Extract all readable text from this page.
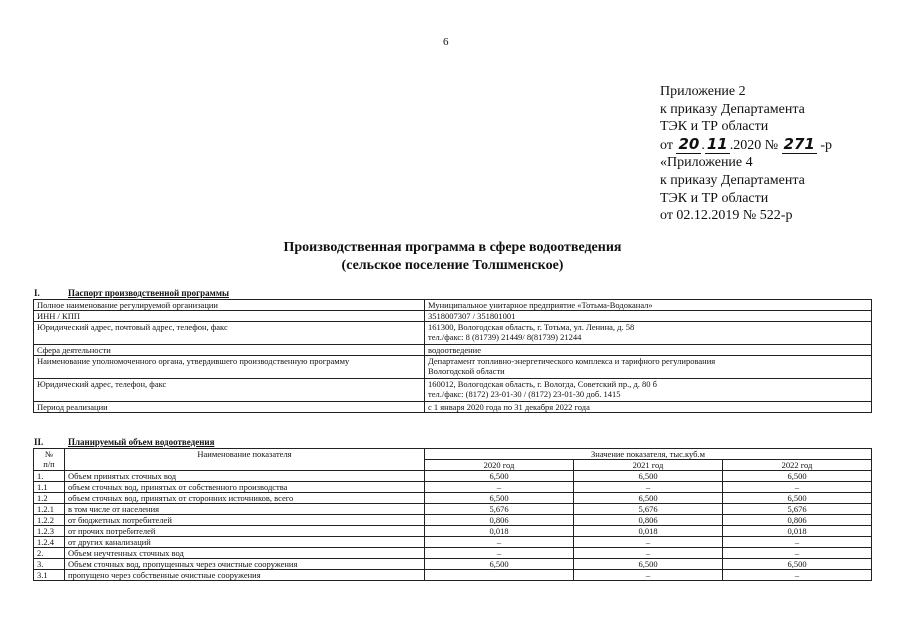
6
Приложение 2
к приказу Департамента
ТЭК и ТР области
от 20 . 11 .2020 № 271 -р
«Приложение 4
к приказу Департамента
ТЭК и ТР области
от 02.12.2019 № 522-р
Производственная программа в сфере водоотведения
(сельское поселение Толшменское)
I.	Паспорт производственной программы
Полное наименование регулируемой организации	Муниципальное унитарное предприятие «Тотьма-Водоканал»
ИНН / КПП	3518007307 / 351801001
Юридический адрес, почтовый адрес, телефон, факс	161300, Вологодская область, г. Тотьма, ул. Ленина, д. 58
тел./факс: 8 (81739) 21449/ 8(81739) 21244

Сфера деятельности	водоотведение
Наименование уполномоченного органа, утвердившего производственную программу	Департамент топливно-энергетического комплекса и тарифного регулирования
Вологодской области

Юридический адрес, телефон, факс	160012, Вологодская область, г. Вологда, Советский пр., д. 80 б
тел./факс: (8172) 23-01-30 / (8172) 23-01-30 доб. 1415

Период реализации	с 1 января 2020 года по 31 декабря 2022 года
II.	Планируемый объем водоотведения
№
п/п	Наименование показателя	Значение показателя, тыс.куб.м		
		2020 год	2021 год	2022 год
1.	Объем принятых сточных вод	6,500	6,500	6,500
1.1	объем сточных вод, принятых от собственного производства	–	–	–
1.2	объем сточных вод, принятых от сторонних источников, всего	6,500	6,500	6,500
1.2.1	в том числе от населения	5,676	5,676	5,676
1.2.2	от бюджетных потребителей	0,806	0,806	0,806
1.2.3	от прочих потребителей	0,018	0,018	0,018
1.2.4	от других канализаций	–	–	–
2.	Объем неучтенных сточных вод	–	–	–
3.	Объем сточных вод, пропущенных через очистные сооружения	6,500	6,500	6,500
3.1	пропущено через собственные очистные сооружения		–	–
